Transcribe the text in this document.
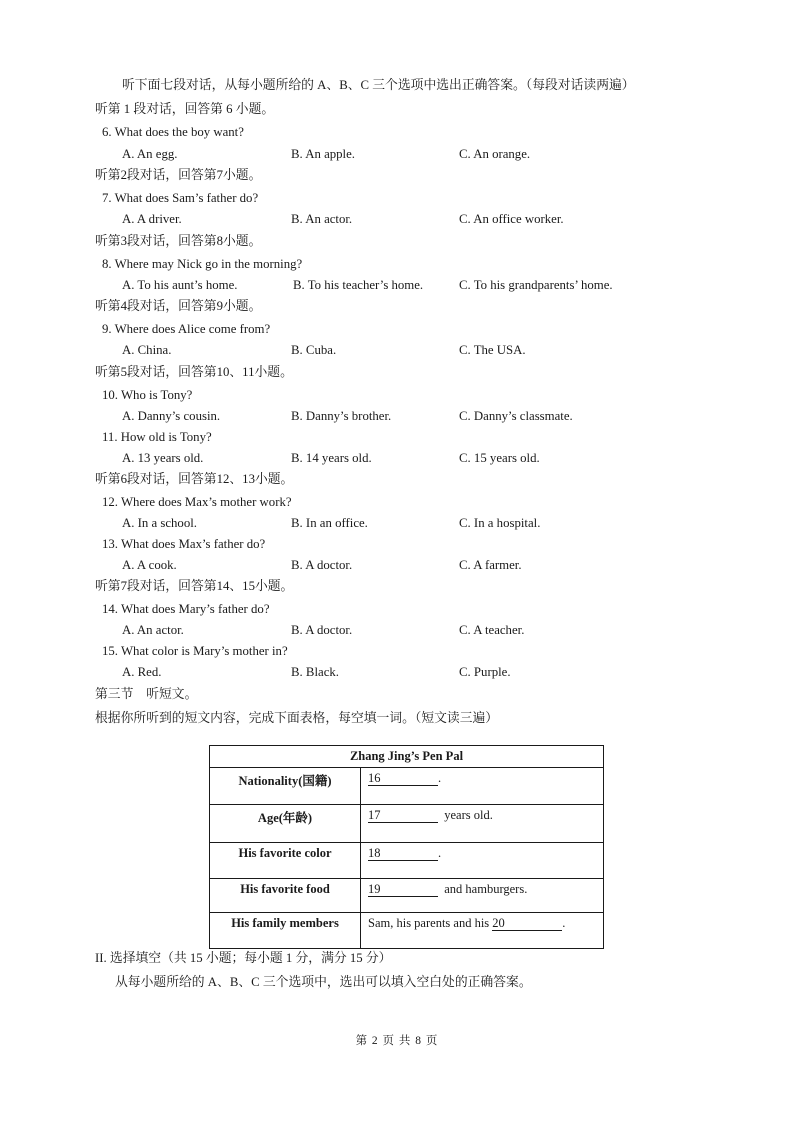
听下面七段对话，从每小题所给的 A、B、C 三个选项中选出正确答案。（每段对话读两遍）
听第 1 段对话，回答第 6 小题。
6. What does the boy want?
A. An egg.	B. An apple.	C. An orange.
听第2段对话，回答第7小题。
7. What does Sam’s father do?
A. A driver.	B. An actor.	C. An office worker.
听第3段对话，回答第8小题。
8. Where may Nick go in the morning?
A. To his aunt’s home.	B. To his teacher’s home.	C. To his grandparents’ home.
听第4段对话，回答第9小题。
9. Where does Alice come from?
A. China.	B. Cuba.	C. The USA.
听第5段对话，回答第10、11小题。
10. Who is Tony?
A. Danny’s cousin.	B. Danny’s brother.	C. Danny’s classmate.
11. How old is Tony?
A. 13 years old.	B. 14 years old.	C. 15 years old.
听第6段对话，回答第12、13小题。
12. Where does Max’s mother work?
A. In a school.	B. In an office.	C. In a hospital.
13. What does Max’s father do?
A. A cook.	B. A doctor.	C. A farmer.
听第7段对话，回答第14、15小题。
14. What does Mary’s father do?
A. An actor.	B. A doctor.	C. A teacher.
15. What color is Mary’s mother in?
A. Red.	B. Black.	C. Purple.
第三节　听短文。
根据你所听到的短文内容，完成下面表格，每空填一词。（短文读三遍）
Zhang Jing’s Pen Pal	
Nationality(国籍)	16 .
Age(年龄)	17 years old.
His favorite color	18 .
His favorite food	19 and hamburgers.
His family members	Sam, his parents and his 20 .
II. 选择填空（共 15 小题；每小题 1 分，满分 15 分）
从每小题所给的 A、B、C 三个选项中，选出可以填入空白处的正确答案。
第 2 页 共 8 页
